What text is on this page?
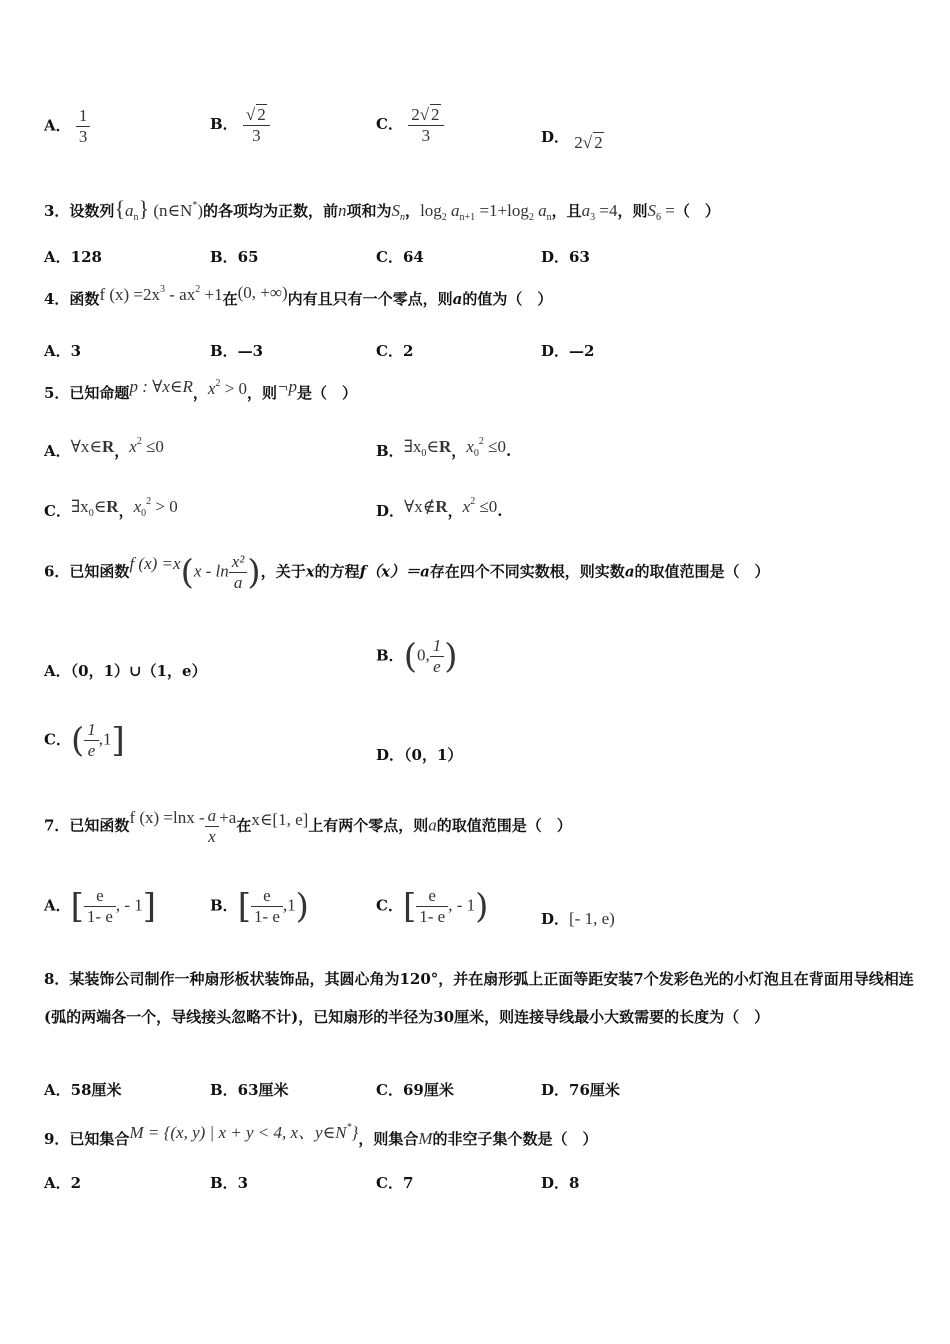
A． $\frac{1}{3}$	B． $\frac{√ 2}{3}$	C． $\frac{2√ 2}{3}$	D． 2√ 2
3．设数列$\{a_n\}$ (n∈N*)的各项均为正数，前n项和为$S_n$，$\log_2 a_{n+1} =1+\log_2$ $a_n$，且$a_3 =4$，则$S_6$ =（　）
A．128	B．65	C．64	D．63
4．函数f $(x) =2x^3 - ax^2 +1$在(0, +∞)内有且只有一个零点，则a的值为（　）
A．3	B．—3	C．2	D．—2
5．已知命题p : ∀x∈R，$x^2 > 0$，则¬p是（　）
A．∀x∈R，$x^2 \le 0$	B．$\exists x_0\in R$，$x_0^2 \le 0$.
C．$\exists x_0\in R$，$x_0^2 > 0$	D．∀x∉R，$x^2 \le 0$.
6．已知函数f $(x) =x(x - \ln \frac{\text{x²}}{a}$ )，关于x的方程f（x）＝a存在四个不同实数根，则实数a的取值范围是（　）
A．（0，1）∪（1，e）
B．(0, $\frac{1}{e}$ )
C．( $\frac{1}{e} ,1$]	D．（0，1）
7．已知函数f $(x) =\ln x - \frac{a}{x} +a$在x∈[1, e]上有两个零点，则a的取值范围是（　）
A．[ $\frac{e}{1- e}$ , - 1]	B．[ $\frac{e}{1- e} ,1$)	C．[ $\frac{e}{1- e}$ , - 1)	D．[- 1, e)
8．某装饰公司制作一种扇形板状装饰品，其圆心角为120°，并在扇形弧上正面等距安装7个发彩色光的小灯泡且在背面用导线相连(弧的两端各一个，导线接头忽略不计)，已知扇形的半径为30厘米，则连接导线最小大致需要的长度为（　）
A．58厘米	B．63厘米	C．69厘米	D．76厘米
9．已知集合M = {(x, y) | x + y < 4, x、y∈N*}，则集合M的非空子集个数是（　）
A．2	B．3	C．7	D．8
